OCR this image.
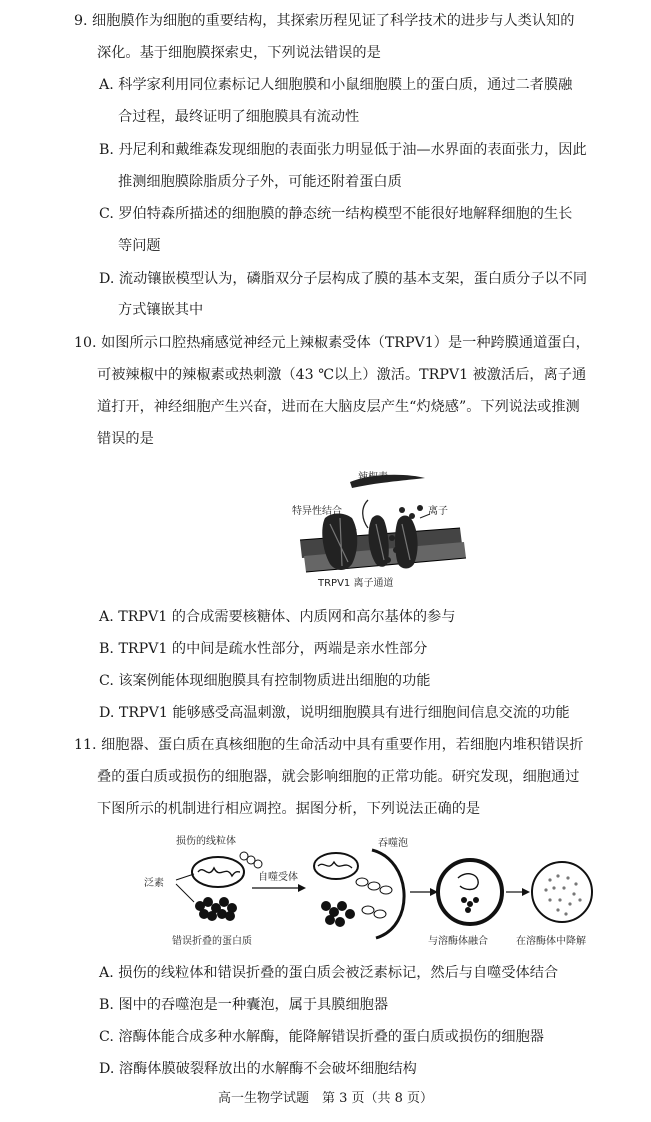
9. 细胞膜作为细胞的重要结构，其探索历程见证了科学技术的进步与人类认知的
深化。基于细胞膜探索史，下列说法错误的是
A. 科学家利用同位素标记人细胞膜和小鼠细胞膜上的蛋白质，通过二者膜融
合过程，最终证明了细胞膜具有流动性
B. 丹尼利和戴维森发现细胞的表面张力明显低于油—水界面的表面张力，因此
推测细胞膜除脂质分子外，可能还附着蛋白质
C. 罗伯特森所描述的细胞膜的静态统一结构模型不能很好地解释细胞的生长
等问题
D. 流动镶嵌模型认为，磷脂双分子层构成了膜的基本支架，蛋白质分子以不同
方式镶嵌其中
10. 如图所示口腔热痛感觉神经元上辣椒素受体（TRPV1）是一种跨膜通道蛋白，
可被辣椒中的辣椒素或热刺激（43 ℃以上）激活。TRPV1 被激活后，离子通
道打开，神经细胞产生兴奋，进而在大脑皮层产生“灼烧感”。下列说法或推测
错误的是
辣椒素
特异性结合	离子
TRPV1 离子通道
A. TRPV1 的合成需要核糖体、内质网和高尔基体的参与
B. TRPV1 的中间是疏水性部分，两端是亲水性部分
C. 该案例能体现细胞膜具有控制物质进出细胞的功能
D. TRPV1 能够感受高温刺激，说明细胞膜具有进行细胞间信息交流的功能
11. 细胞器、蛋白质在真核细胞的生命活动中具有重要作用，若细胞内堆积错误折
叠的蛋白质或损伤的细胞器，就会影响细胞的正常功能。研究发现，细胞通过
下图所示的机制进行相应调控。据图分析，下列说法正确的是
损伤的线粒体
泛素
自噬受体
错误折叠的蛋白质
吞噬泡
与溶酶体融合	在溶酶体中降解
A. 损伤的线粒体和错误折叠的蛋白质会被泛素标记，然后与自噬受体结合
B. 图中的吞噬泡是一种囊泡，属于具膜细胞器
C. 溶酶体能合成多种水解酶，能降解错误折叠的蛋白质或损伤的细胞器
D. 溶酶体膜破裂释放出的水解酶不会破坏细胞结构
高一生物学试题　第 3 页（共 8 页）
